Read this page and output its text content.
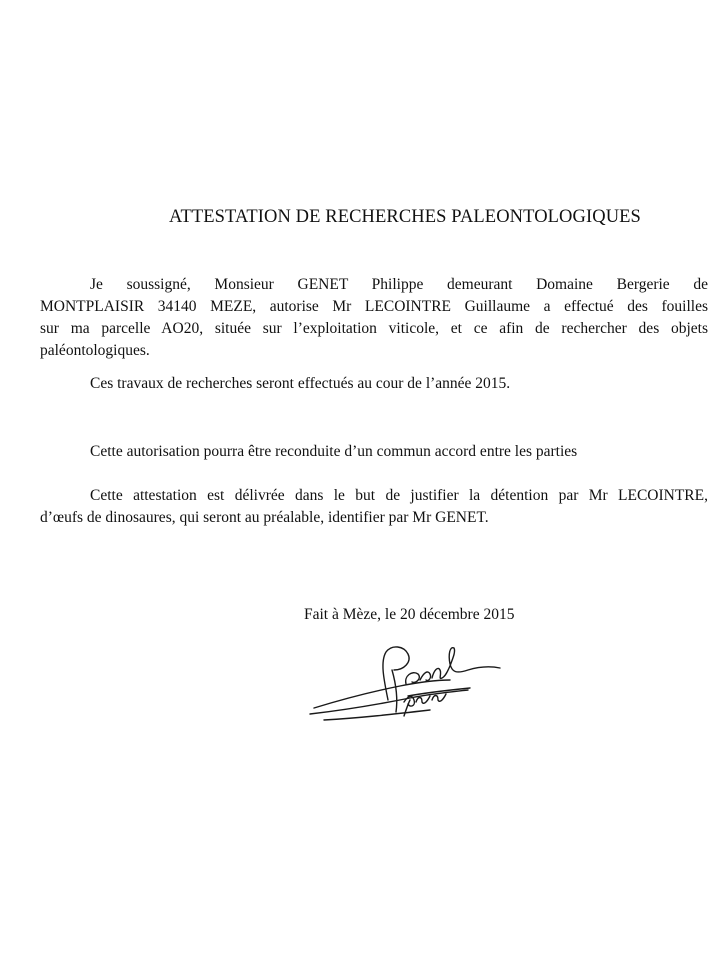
ATTESTATION DE RECHERCHES PALEONTOLOGIQUES
Je soussigné, Monsieur GENET Philippe demeurant Domaine Bergerie de
MONTPLAISIR 34140 MEZE, autorise Mr LECOINTRE Guillaume a effectué des fouilles
sur ma parcelle AO20, située sur l’exploitation viticole, et ce afin de rechercher des objets
paléontologiques.
Ces travaux de recherches seront effectués au cour de l’année 2015.
Cette autorisation pourra être reconduite d’un commun accord entre les parties
Cette attestation est délivrée dans le but de justifier la détention par Mr LECOINTRE,
d’œufs de dinosaures, qui seront au préalable, identifier par Mr GENET.
Fait à Mèze, le 20 décembre 2015
